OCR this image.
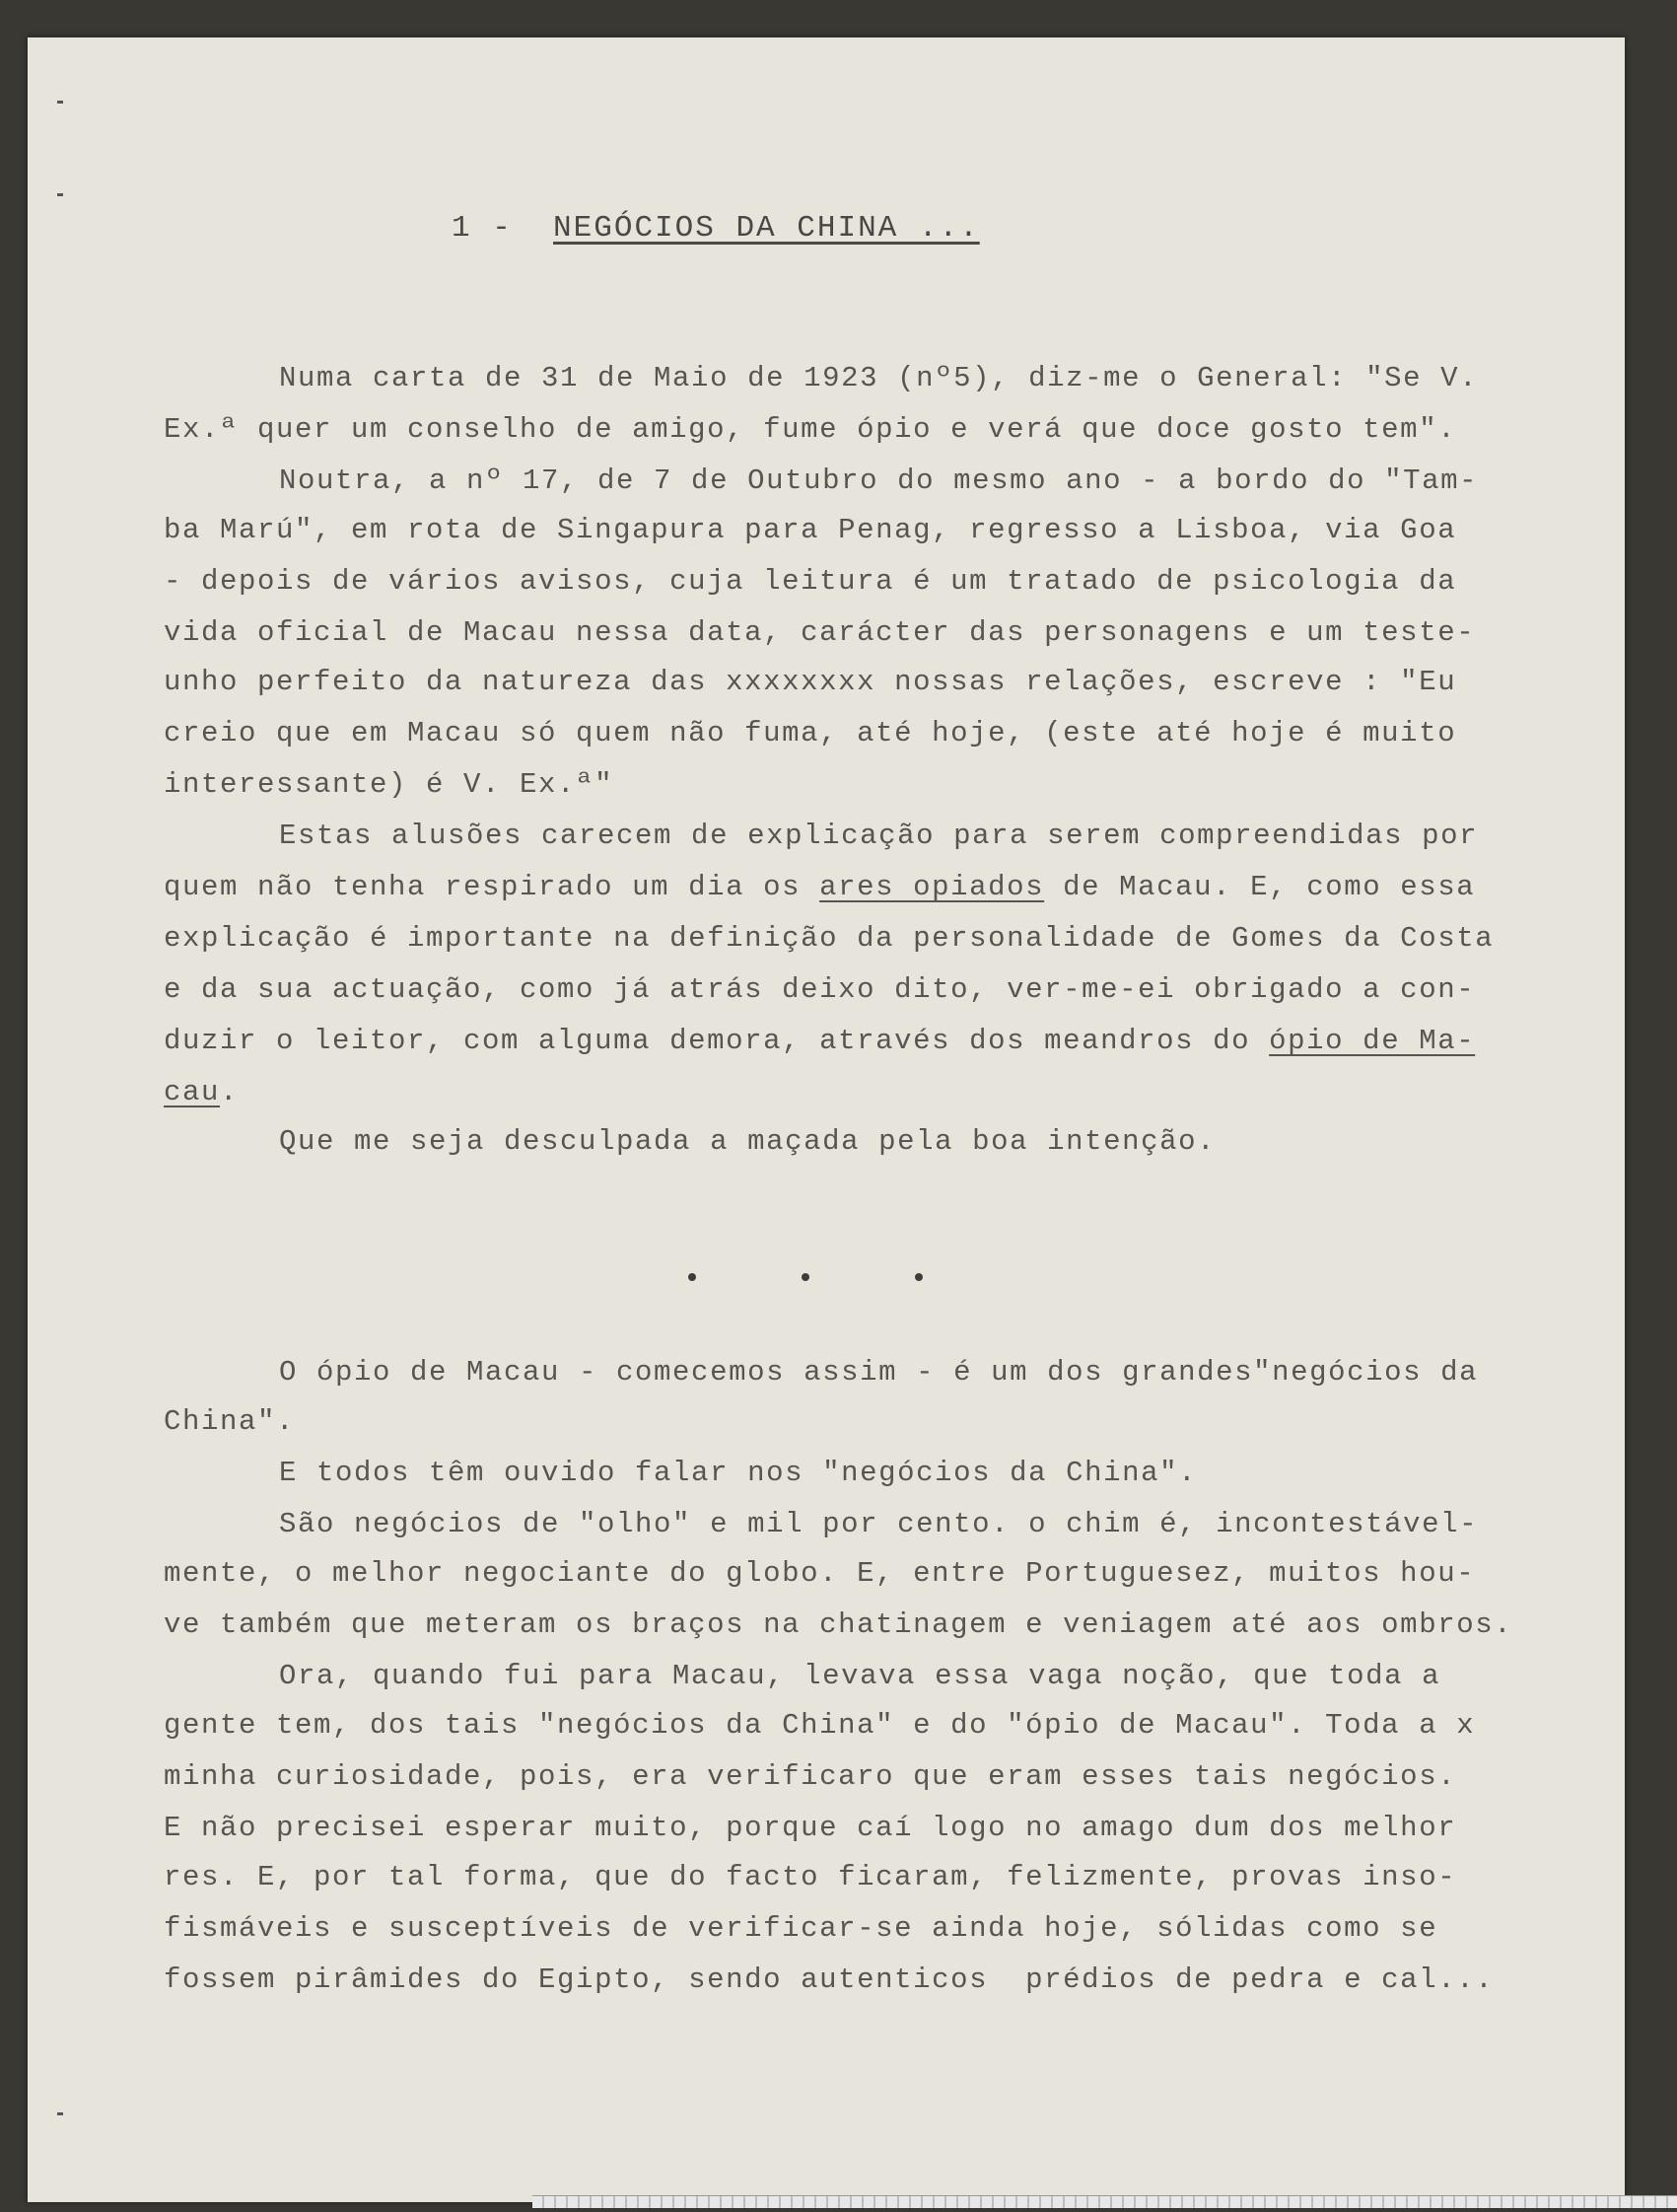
1 - NEGÓCIOS DA CHINA ...
Numa carta de 31 de Maio de 1923 (nº5), diz-me o General: "Se V.
Ex.ª quer um conselho de amigo, fume ópio e verá que doce gosto tem".
Noutra, a nº 17, de 7 de Outubro do mesmo ano - a bordo do "Tam-
ba Marú", em rota de Singapura para Penag, regresso a Lisboa, via Goa
- depois de vários avisos, cuja leitura é um tratado de psicologia da
vida oficial de Macau nessa data, carácter das personagens e um teste-
unho perfeito da natureza das xxxxxxxx nossas relações, escreve : "Eu
creio que em Macau só quem não fuma, até hoje, (este até hoje é muito
interessante) é V. Ex.ª"
Estas alusões carecem de explicação para serem compreendidas por
quem não tenha respirado um dia os ares opiados de Macau. E, como essa
explicação é importante na definição da personalidade de Gomes da Costa
e da sua actuação, como já atrás deixo dito, ver-me-ei obrigado a con-
duzir o leitor, com alguma demora, através dos meandros do ópio de Ma-
cau.
Que me seja desculpada a maçada pela boa intenção.
O ópio de Macau - comecemos assim - é um dos grandes"negócios da
China".
E todos têm ouvido falar nos "negócios da China".
São negócios de "olho" e mil por cento. o chim é, incontestável-
mente, o melhor negociante do globo. E, entre Portuguesez, muitos hou-
ve também que meteram os braços na chatinagem e veniagem até aos ombros.
Ora, quando fui para Macau, levava essa vaga noção, que toda a
gente tem, dos tais "negócios da China" e do "ópio de Macau". Toda a x
minha curiosidade, pois, era verificaro que eram esses tais negócios.
E não precisei esperar muito, porque caí logo no amago dum dos melhor
res. E, por tal forma, que do facto ficaram, felizmente, provas inso-
fismáveis e susceptíveis de verificar-se ainda hoje, sólidas como se
fossem pirâmides do Egipto, sendo autenticos  prédios de pedra e cal...
